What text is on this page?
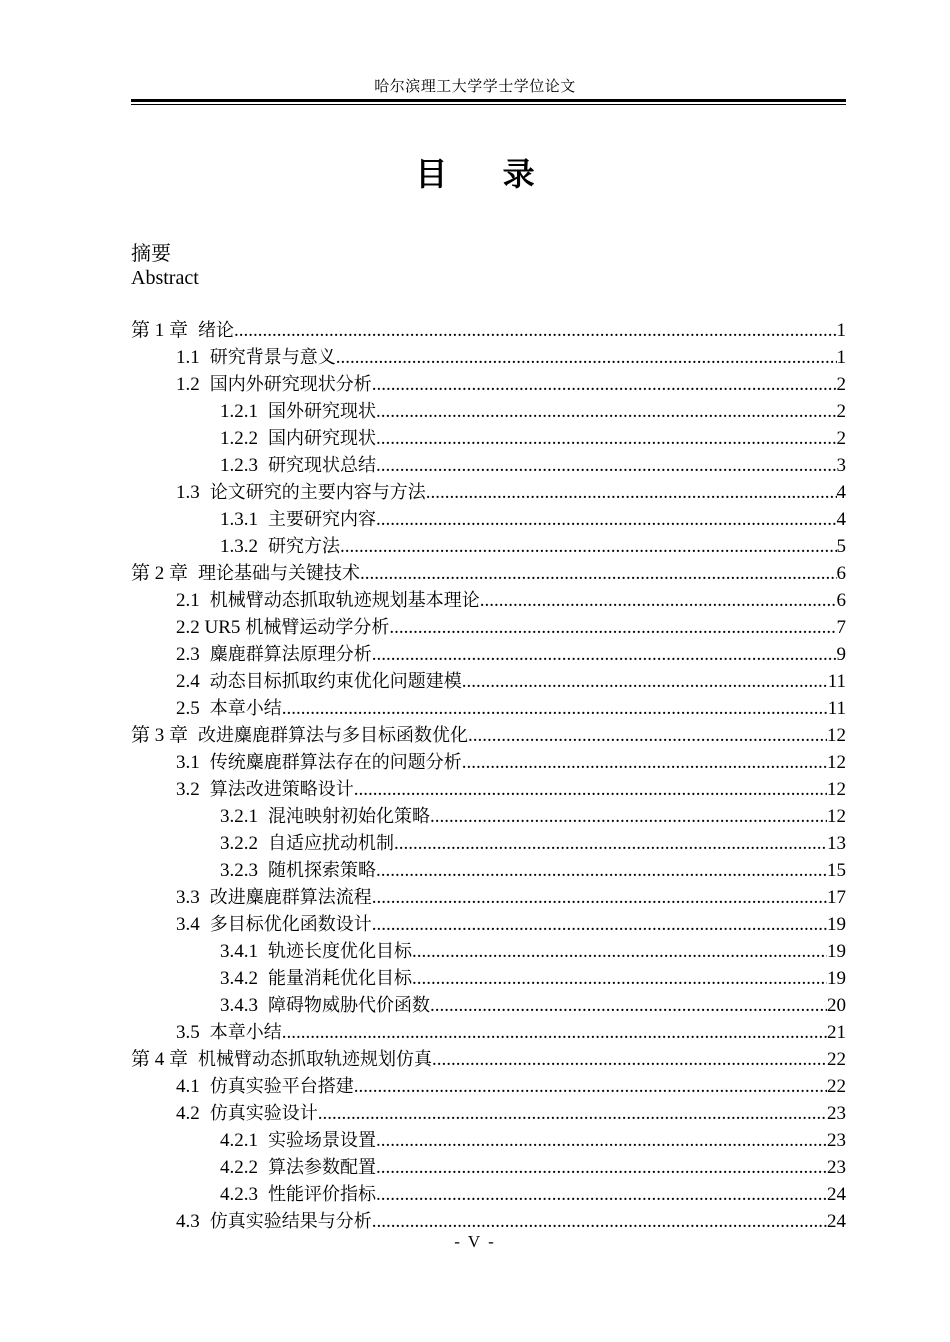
哈尔滨理工大学学士学位论文
目 录
摘要
Abstract
第 1 章 绪论 .....	1
1.1 研究背景与意义 .....	1
1.2 国内外研究现状分析 .....	2
1.2.1 国外研究现状 .....	2
1.2.2 国内研究现状 .....	2
1.2.3 研究现状总结 .....	3
1.3 论文研究的主要内容与方法 .....	4
1.3.1 主要研究内容 .....	4
1.3.2 研究方法 .....	5
第 2 章 理论基础与关键技术 .....	6
2.1 机械臂动态抓取轨迹规划基本理论 .....	6
2.2 UR5 机械臂运动学分析 .....	7
2.3 麋鹿群算法原理分析 .....	9
2.4 动态目标抓取约束优化问题建模 .....	11
2.5 本章小结 .....	11
第 3 章 改进麋鹿群算法与多目标函数优化 .....	12
3.1 传统麋鹿群算法存在的问题分析 .....	12
3.2 算法改进策略设计 .....	12
3.2.1 混沌映射初始化策略 .....	12
3.2.2 自适应扰动机制 .....	13
3.2.3 随机探索策略 .....	15
3.3 改进麋鹿群算法流程 .....	17
3.4 多目标优化函数设计 .....	19
3.4.1 轨迹长度优化目标 .....	19
3.4.2 能量消耗优化目标 .....	19
3.4.3 障碍物威胁代价函数 .....	20
3.5 本章小结 .....	21
第 4 章 机械臂动态抓取轨迹规划仿真 .....	22
4.1 仿真实验平台搭建 .....	22
4.2 仿真实验设计 .....	23
4.2.1 实验场景设置 .....	23
4.2.2 算法参数配置 .....	23
4.2.3 性能评价指标 .....	24
4.3 仿真实验结果与分析 .....	24
- V -
